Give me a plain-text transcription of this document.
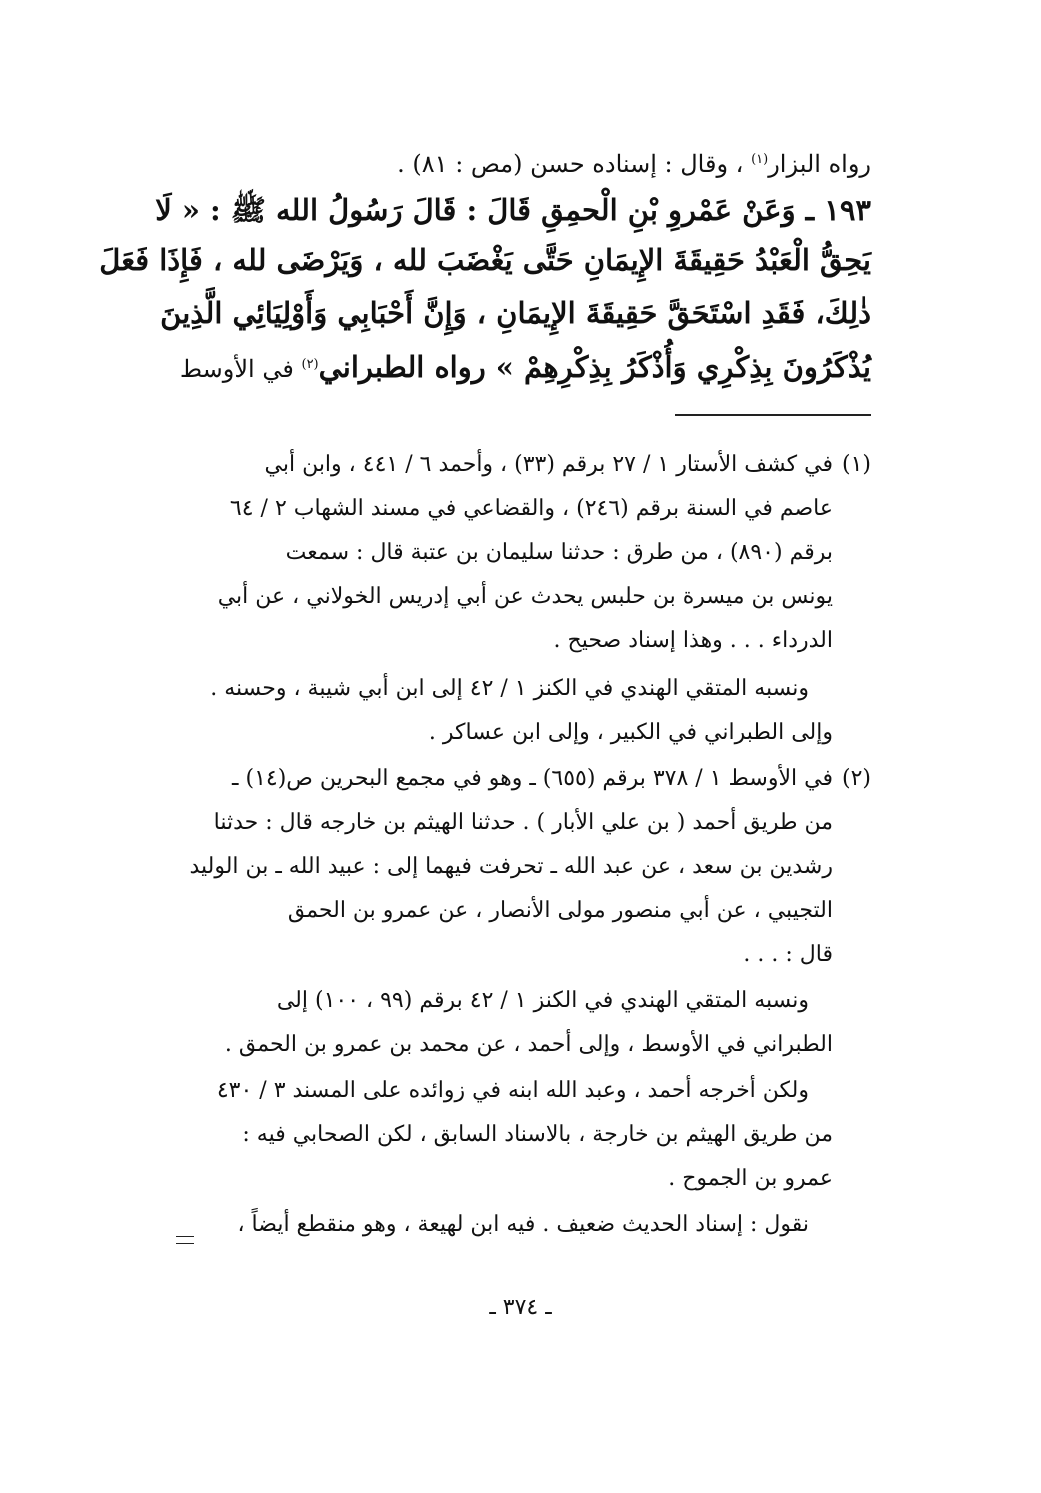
رواه البزار$^{(١)}$ ، وقال : إسناده حسن (مص : ٨١) .
١٩٣ ـ وَعَنْ عَمْروِ بْنِ الْحمِقِ قَالَ : قَالَ رَسُولُ الله ﷺ : « لَا
يَحِقُّ الْعَبْدُ حَقِيقَةَ الإِيمَانِ حَتَّى يَغْضَبَ لله ، وَيَرْضَى لله ، فَإِذَا فَعَلَ
ذٰلِكَ، فَقَدِ اسْتَحَقَّ حَقِيقَةَ الإِيمَانِ ، وَإِنَّ أَحْبَابِي وَأَوْلِيَائِي الَّذِينَ
يُذْكَرُونَ بِذِكْرِي وَأُذْكَرُ بِذِكْرِهِمْ » رواه الطبراني$^{(٢)}$ في الأوسط
(١)
في كشف الأستار ١ / ٢٧ برقم (٣٣) ، وأحمد ٦ / ٤٤١ ، وابن أبي
عاصم في السنة برقم (٢٤٦) ، والقضاعي في مسند الشهاب ٢ / ٦٤
برقم (٨٩٠) ، من طرق : حدثنا سليمان بن عتبة قال : سمعت
يونس بن ميسرة بن حلبس يحدث عن أبي إدريس الخولاني ، عن أبي
الدرداء . . . وهذا إسناد صحيح .
ونسبه المتقي الهندي في الكنز ١ / ٤٢ إلى ابن أبي شيبة ، وحسنه .
وإلى الطبراني في الكبير ، وإلى ابن عساكر .
(٢)
في الأوسط ١ / ٣٧٨ برقم (٦٥٥) ـ وهو في مجمع البحرين ص(١٤) ـ
من طريق أحمد ( بن علي الأبار ) . حدثنا الهيثم بن خارجه قال : حدثنا
رشدين بن سعد ، عن عبد الله ـ تحرفت فيهما إلى : عبيد الله ـ بن الوليد
التجيبي ، عن أبي منصور مولى الأنصار ، عن عمرو بن الحمق
قال : . . .
ونسبه المتقي الهندي في الكنز ١ / ٤٢ برقم (٩٩ ، ١٠٠) إلى
الطبراني في الأوسط ، وإلى أحمد ، عن محمد بن عمرو بن الحمق .
ولكن أخرجه أحمد ، وعبد الله ابنه في زوائده على المسند ٣ / ٤٣٠
من طريق الهيثم بن خارجة ، بالاسناد السابق ، لكن الصحابي فيه :
عمرو بن الجموح .
نقول : إسناد الحديث ضعيف . فيه ابن لهيعة ، وهو منقطع أيضاً ،
ـ ٣٧٤ ـ
